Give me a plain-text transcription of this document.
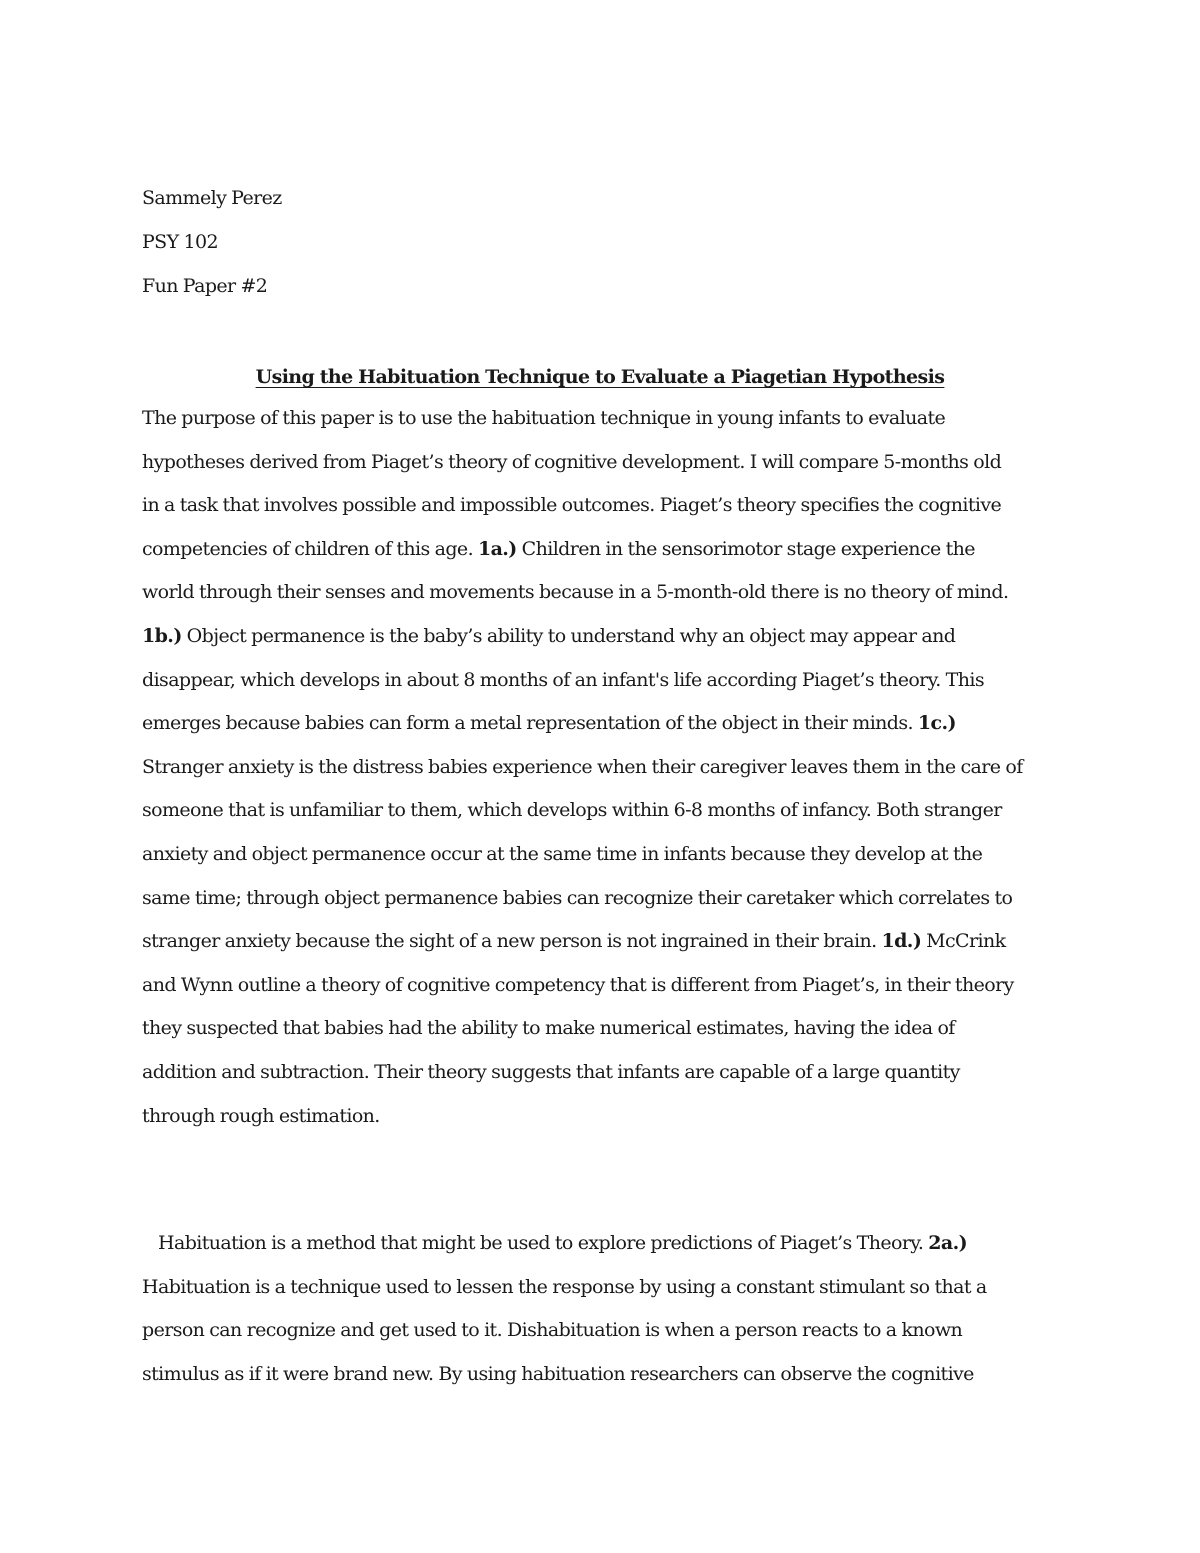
Sammely Perez
PSY 102
Fun Paper #2
Using the Habituation Technique to Evaluate a Piagetian Hypothesis
The purpose of this paper is to use the habituation technique in young infants to evaluate
hypotheses derived from Piaget’s theory of cognitive development. I will compare 5-months old
in a task that involves possible and impossible outcomes. Piaget’s theory specifies the cognitive
competencies of children of this age. 1a.) Children in the sensorimotor stage experience the
world through their senses and movements because in a 5-month-old there is no theory of mind.
1b.) Object permanence is the baby’s ability to understand why an object may appear and
disappear, which develops in about 8 months of an infant's life according Piaget’s theory. This
emerges because babies can form a metal representation of the object in their minds. 1c.)
Stranger anxiety is the distress babies experience when their caregiver leaves them in the care of
someone that is unfamiliar to them, which develops within 6-8 months of infancy. Both stranger
anxiety and object permanence occur at the same time in infants because they develop at the
same time; through object permanence babies can recognize their caretaker which correlates to
stranger anxiety because the sight of a new person is not ingrained in their brain. 1d.) McCrink
and Wynn outline a theory of cognitive competency that is different from Piaget’s, in their theory
they suspected that babies had the ability to make numerical estimates, having the idea of
addition and subtraction. Their theory suggests that infants are capable of a large quantity
through rough estimation.
Habituation is a method that might be used to explore predictions of Piaget’s Theory. 2a.)
Habituation is a technique used to lessen the response by using a constant stimulant so that a
person can recognize and get used to it. Dishabituation is when a person reacts to a known
stimulus as if it were brand new. By using habituation researchers can observe the cognitive
